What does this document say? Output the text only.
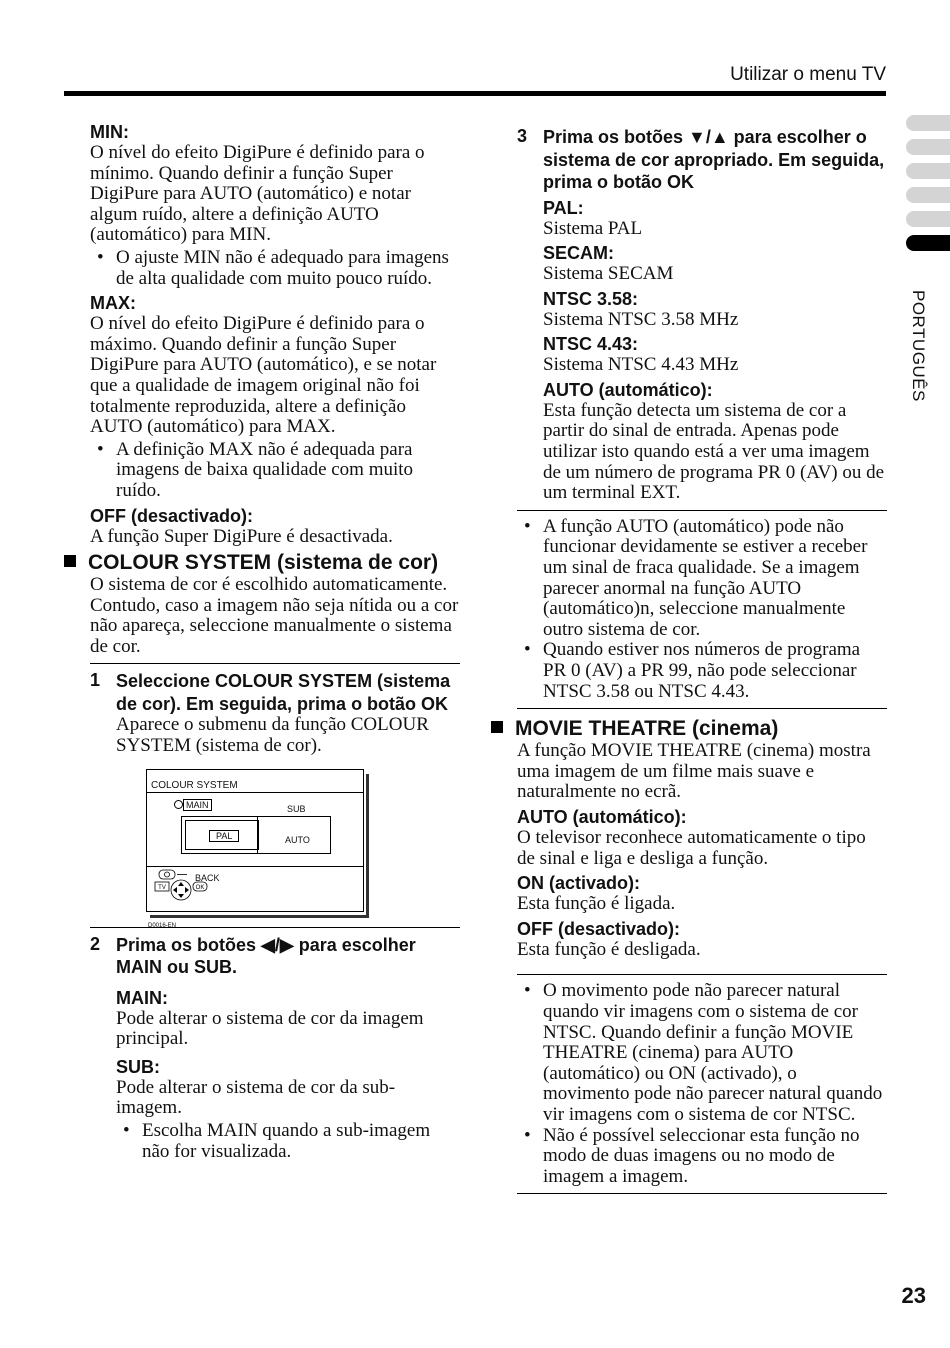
Utilizar o menu TV
PORTUGUÊS
MIN:

O nível do efeito DigiPure é definido para o mínimo. Quando definir a função Super DigiPure para AUTO (automático) e notar algum ruído, altere a definição AUTO (automático) para MIN.

• O ajuste MIN não é adequado para imagens de alta qualidade com muito pouco ruído.
MAX:

O nível do efeito DigiPure é definido para o máximo. Quando definir a função Super DigiPure para AUTO (automático), e se notar que a qualidade de imagem original não foi totalmente reproduzida, altere a definição AUTO (automático) para MAX.

• A definição MAX não é adequada para imagens de baixa qualidade com muito ruído.
OFF (desactivado):

A função Super DigiPure é desactivada.

COLOUR SYSTEM (sistema de cor)

O sistema de cor é escolhido automaticamente. Contudo, caso a imagem não seja nítida ou a cor não apareça, seleccione manualmente o sistema de cor.

1 Seleccione COLOUR SYSTEM (sistema de cor). Em seguida, prima o botão OK

Aparece o submenu da função COLOUR SYSTEM (sistema de cor).

COLOUR SYSTEM
MAIN	SUB
PAL	AUTO
TV	OK
BACK
D0016-EN
2 Prima os botões ◀/▶ para escolher MAIN ou SUB.
MAIN:

Pode alterar o sistema de cor da imagem principal.

SUB:

Pode alterar o sistema de cor da sub-imagem.

• Escolha MAIN quando a sub-imagem não for visualizada.
3 Prima os botões ▼/▲ para escolher o sistema de cor apropriado. Em seguida, prima o botão OK
PAL:

Sistema PAL

SECAM:

Sistema SECAM

NTSC 3.58:

Sistema NTSC 3.58 MHz

NTSC 4.43:

Sistema NTSC 4.43 MHz

AUTO (automático):

Esta função detecta um sistema de cor a partir do sinal de entrada. Apenas pode utilizar isto quando está a ver uma imagem de um número de programa PR 0 (AV) ou de um terminal EXT.

• A função AUTO (automático) pode não funcionar devidamente se estiver a receber um sinal de fraca qualidade. Se a imagem parecer anormal na função AUTO (automático)n, seleccione manualmente outro sistema de cor.
• Quando estiver nos números de programa PR 0 (AV) a PR 99, não pode seleccionar NTSC 3.58 ou NTSC 4.43.
MOVIE THEATRE (cinema)

A função MOVIE THEATRE (cinema) mostra uma imagem de um filme mais suave e naturalmente no ecrã.

AUTO (automático):

O televisor reconhece automaticamente o tipo de sinal e liga e desliga a função.

ON (activado):

Esta função é ligada.

OFF (desactivado):

Esta função é desligada.

• O movimento pode não parecer natural quando vir imagens com o sistema de cor NTSC. Quando definir a função MOVIE THEATRE (cinema) para AUTO (automático) ou ON (activado), o movimento pode não parecer natural quando vir imagens com o sistema de cor NTSC.
• Não é possível seleccionar esta função no modo de duas imagens ou no modo de imagem a imagem.
23
